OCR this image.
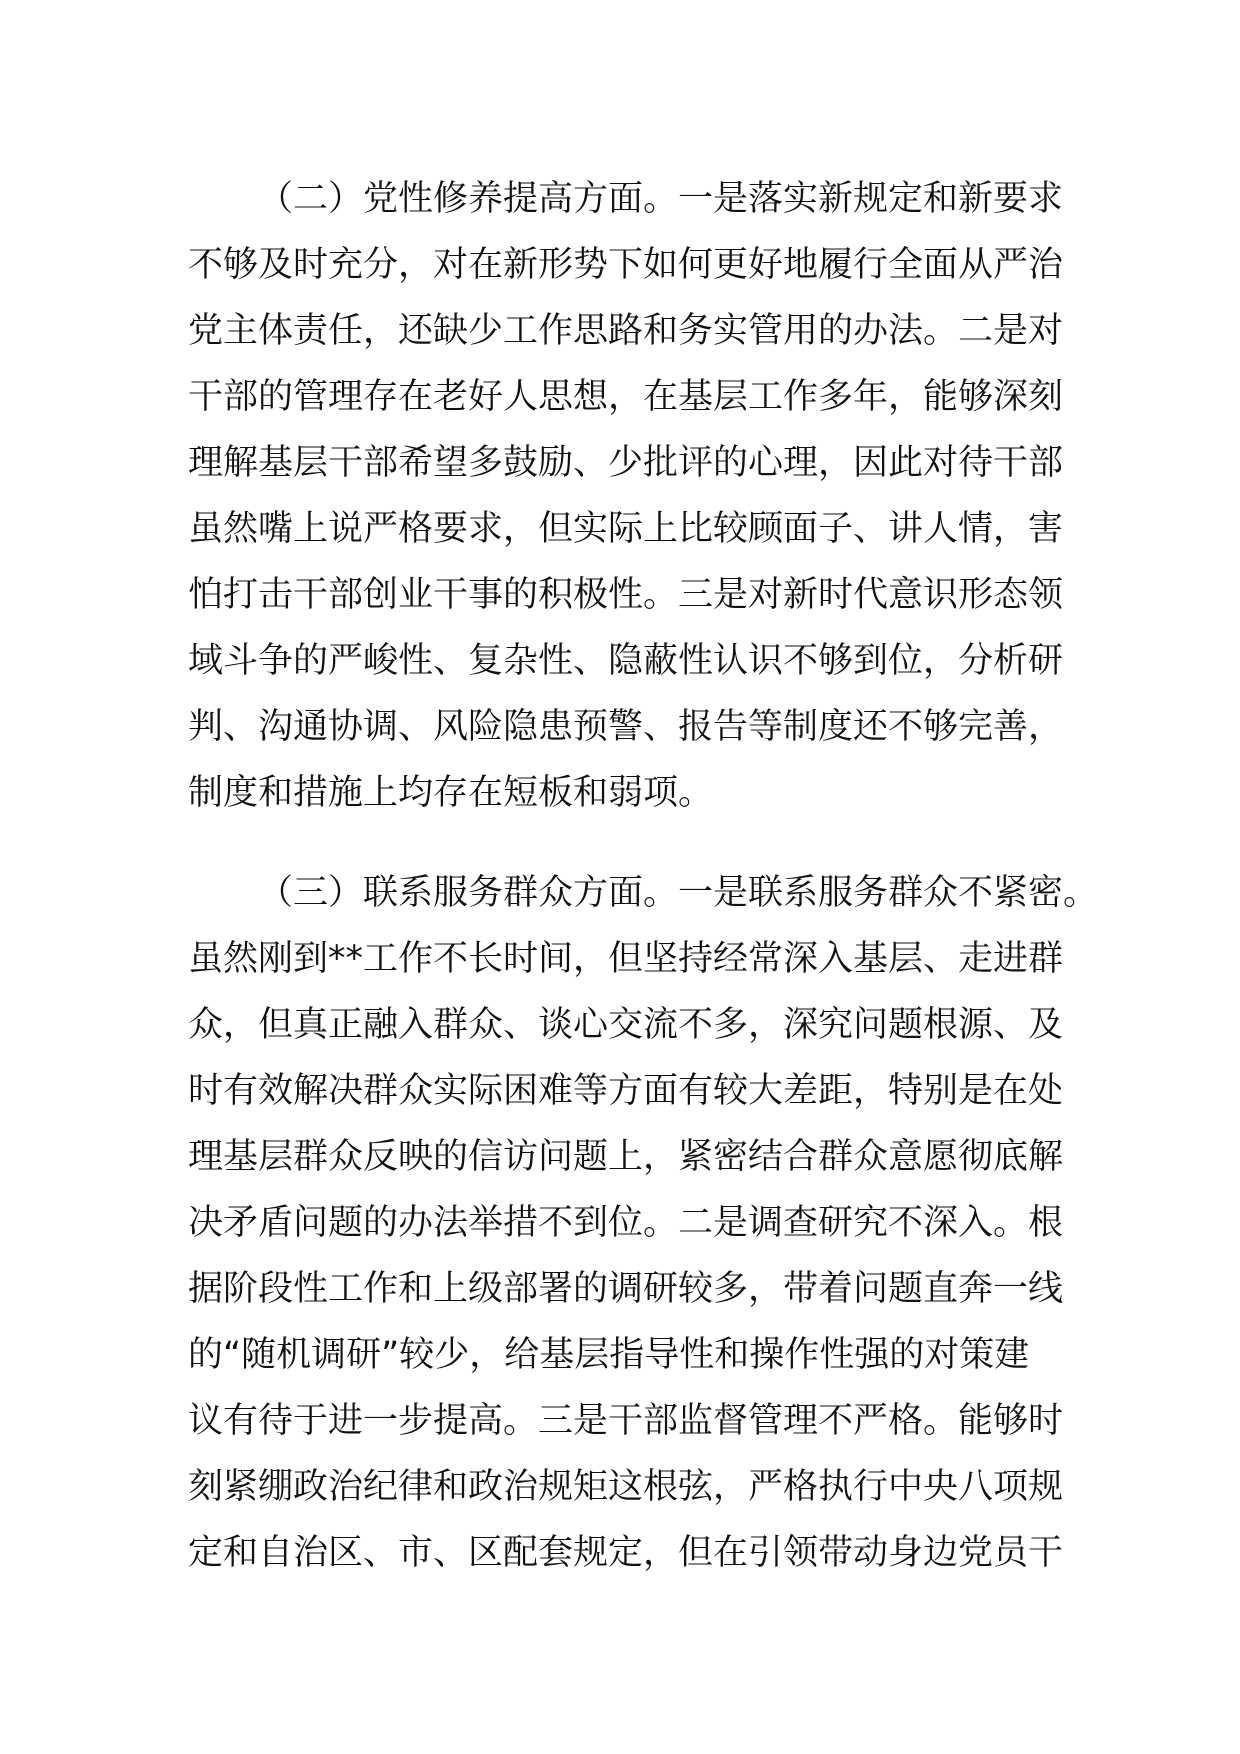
（二）党性修养提高方面。一是落实新规定和新要求
不够及时充分，对在新形势下如何更好地履行全面从严治
党主体责任，还缺少工作思路和务实管用的办法。二是对
干部的管理存在老好人思想，在基层工作多年，能够深刻
理解基层干部希望多鼓励、少批评的心理，因此对待干部
虽然嘴上说严格要求，但实际上比较顾面子、讲人情，害
怕打击干部创业干事的积极性。三是对新时代意识形态领
域斗争的严峻性、复杂性、隐蔽性认识不够到位，分析研
判、沟通协调、风险隐患预警、报告等制度还不够完善，
制度和措施上均存在短板和弱项。
（三）联系服务群众方面。一是联系服务群众不紧密。
虽然刚到**工作不长时间，但坚持经常深入基层、走进群
众，但真正融入群众、谈心交流不多，深究问题根源、及
时有效解决群众实际困难等方面有较大差距，特别是在处
理基层群众反映的信访问题上，紧密结合群众意愿彻底解
决矛盾问题的办法举措不到位。二是调查研究不深入。根
据阶段性工作和上级部署的调研较多，带着问题直奔一线
的“随机调研”较少，给基层指导性和操作性强的对策建
议有待于进一步提高。三是干部监督管理不严格。能够时
刻紧绷政治纪律和政治规矩这根弦，严格执行中央八项规
定和自治区、市、区配套规定，但在引领带动身边党员干
